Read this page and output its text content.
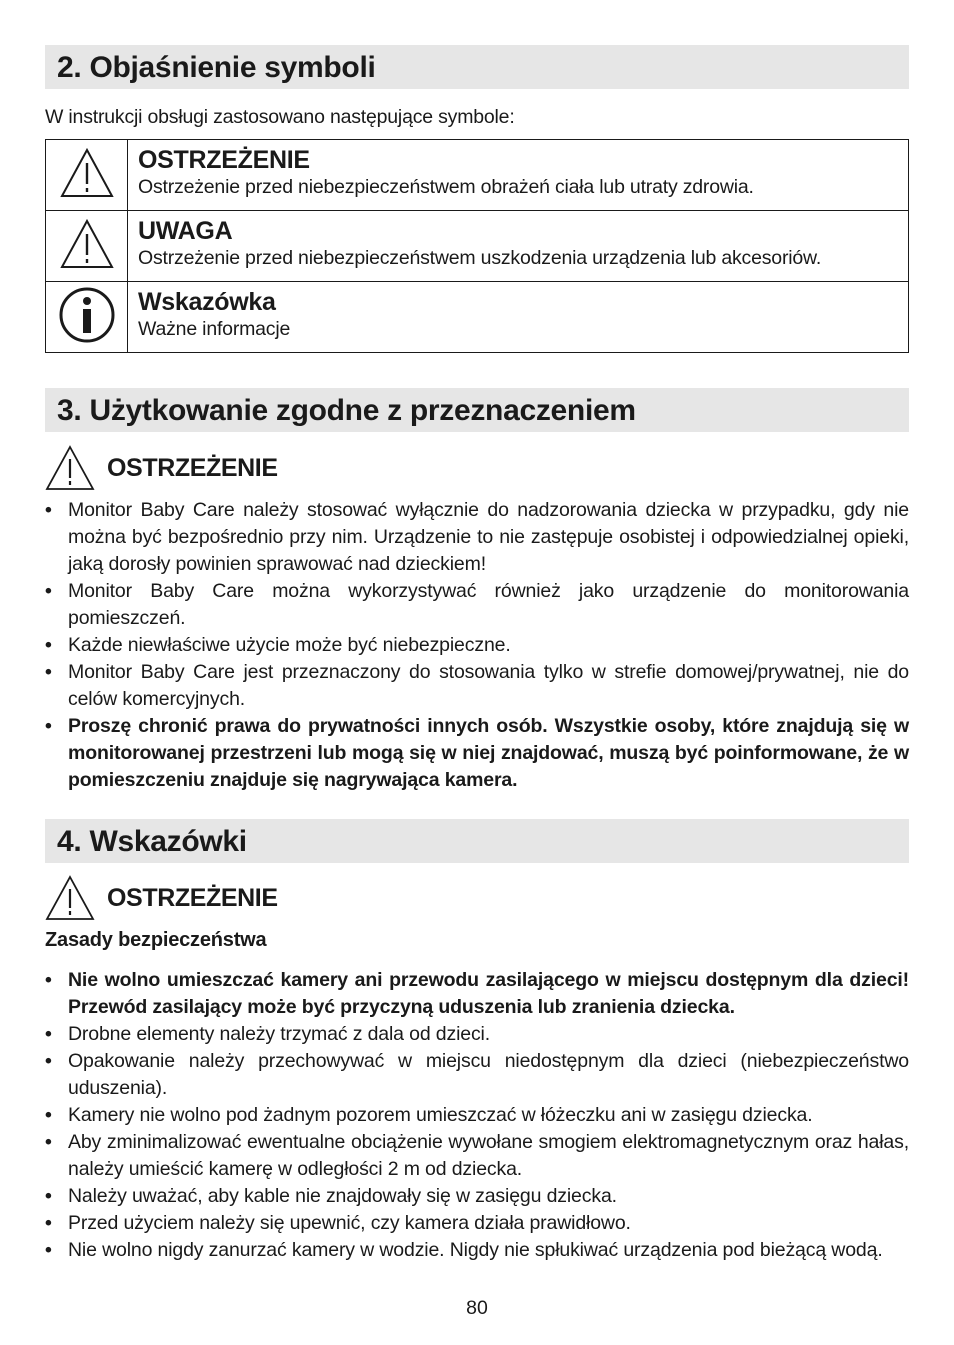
2. Objaśnienie symboli
W instrukcji obsługi zastosowano następujące symbole:

OSTRZEŻENIE
Ostrzeżenie przed niebezpieczeństwem obrażeń ciała lub utraty zdrowia.

UWAGA
Ostrzeżenie przed niebezpieczeństwem uszkodzenia urządzenia lub akcesoriów.

Wskazówka
Ważne informacje
3. Użytkowanie zgodne z przeznaczeniem
OSTRZEŻENIE
• Monitor Baby Care należy stosować wyłącznie do nadzorowania dziecka w przypadku, gdy nie można być bezpośrednio przy nim. Urządzenie to nie zastępuje osobistej i odpowiedzialnej opieki, jaką dorosły powinien sprawować nad dzieckiem!
• Monitor Baby Care można wykorzystywać również jako urządzenie do monitorowania pomieszczeń.
• Każde niewłaściwe użycie może być niebezpieczne.
• Monitor Baby Care jest przeznaczony do stosowania tylko w strefie domowej/prywatnej, nie do celów komercyjnych.
• Proszę chronić prawa do prywatności innych osób. Wszystkie osoby, które znajdują się w monitorowanej przestrzeni lub mogą się w niej znajdować, muszą być poinformowane, że w pomieszczeniu znajduje się nagrywająca kamera.
4. Wskazówki
OSTRZEŻENIE
Zasady bezpieczeństwa
• Nie wolno umieszczać kamery ani przewodu zasilającego w miejscu dostępnym dla dzieci! Przewód zasilający może być przyczyną uduszenia lub zranienia dziecka.
• Drobne elementy należy trzymać z dala od dzieci.
• Opakowanie należy przechowywać w miejscu niedostępnym dla dzieci (niebezpieczeństwo uduszenia).
• Kamery nie wolno pod żadnym pozorem umieszczać w łóżeczku ani w zasięgu dziecka.
• Aby zminimalizować ewentualne obciążenie wywołane smogiem elektromagnetycznym oraz hałas, należy umieścić kamerę w odległości 2 m od dziecka.
• Należy uważać, aby kable nie znajdowały się w zasięgu dziecka.
• Przed użyciem należy się upewnić, czy kamera działa prawidłowo.
• Nie wolno nigdy zanurzać kamery w wodzie. Nigdy nie spłukiwać urządzenia pod bieżącą wodą.
80
